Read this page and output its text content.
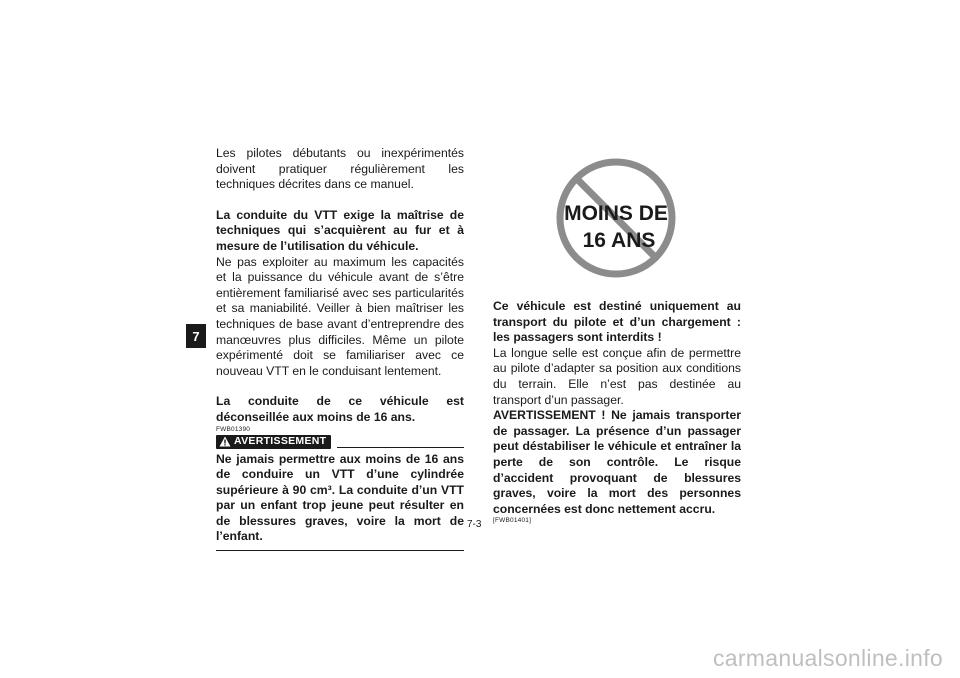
7

Les pilotes débutants ou inexpérimentés doivent pratiquer régulièrement les techniques décrites dans ce manuel.

La conduite du VTT exige la maîtrise de techniques qui s’acquièrent au fur et à mesure de l’utilisation du véhicule.

Ne pas exploiter au maximum les capacités et la puissance du véhicule avant de s’être entièrement familiarisé avec ses particularités et sa maniabilité. Veiller à bien maîtriser les techniques de base avant d’entreprendre des manœuvres plus difficiles. Même un pilote expérimenté doit se familiariser avec ce nouveau VTT en le conduisant lentement.

La conduite de ce véhicule est déconseillée aux moins de 16 ans.

FWB01390

AVERTISSEMENT

Ne jamais permettre aux moins de 16 ans de conduire un VTT d’une cylindrée supérieure à 90 cm³. La conduite d’un VTT par un enfant trop jeune peut résulter en de blessures graves, voire la mort de l’enfant.

MOINS DE
16 ANS

Ce véhicule est destiné uniquement au transport du pilote et d’un chargement : les passagers sont interdits !

La longue selle est conçue afin de permettre au pilote d’adapter sa position aux conditions du terrain. Elle n’est pas destinée au transport d’un passager.

AVERTISSEMENT ! Ne jamais transporter de passager. La présence d’un passager peut déstabiliser le véhicule et entraîner la perte de son contrôle. Le risque d’accident provoquant de blessures graves, voire la mort des personnes concernées est donc nettement accru.

[FWB01401]

7-3
carmanualsonline.info
